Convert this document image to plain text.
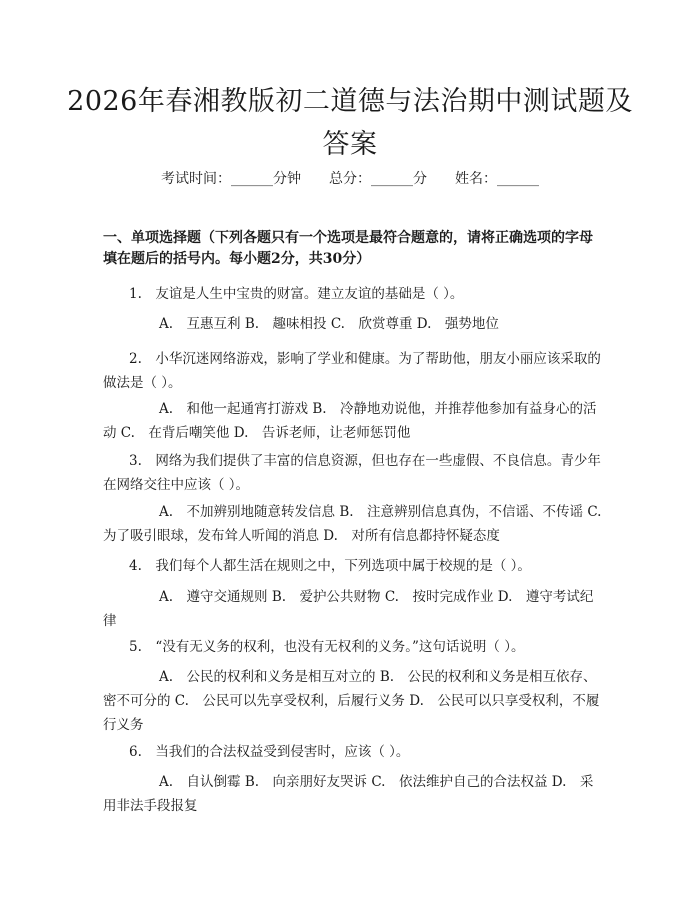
2026年春湘教版初二道德与法治期中测试题及答案
考试时间：______分钟　　总分：______分　　姓名：______
一、单项选择题（下列各题只有一个选项是最符合题意的，请将正确选项的字母填在题后的括号内。每小题2分，共30分）

1.　友谊是人生中宝贵的财富。建立友谊的基础是（ ）。

A.　互惠互利 B.　趣味相投 C.　欣赏尊重 D.　强势地位

2.　小华沉迷网络游戏，影响了学业和健康。为了帮助他，朋友小丽应该采取的做法是（ ）。

A.　和他一起通宵打游戏 B.　冷静地劝说他，并推荐他参加有益身心的活动 C.　在背后嘲笑他 D.　告诉老师，让老师惩罚他

3.　网络为我们提供了丰富的信息资源，但也存在一些虚假、不良信息。青少年在网络交往中应该（ ）。

A.　不加辨别地随意转发信息 B.　注意辨别信息真伪，不信谣、不传谣 C.　为了吸引眼球，发布耸人听闻的消息 D.　对所有信息都持怀疑态度

4.　我们每个人都生活在规则之中，下列选项中属于校规的是（ ）。

A.　遵守交通规则 B.　爱护公共财物 C.　按时完成作业 D.　遵守考试纪律

5.　“没有无义务的权利，也没有无权利的义务。”这句话说明（ ）。

A.　公民的权利和义务是相互对立的 B.　公民的权利和义务是相互依存、密不可分的 C.　公民可以先享受权利，后履行义务 D.　公民可以只享受权利，不履行义务

6.　当我们的合法权益受到侵害时，应该（ ）。

A.　自认倒霉 B.　向亲朋好友哭诉 C.　依法维护自己的合法权益 D.　采用非法手段报复
